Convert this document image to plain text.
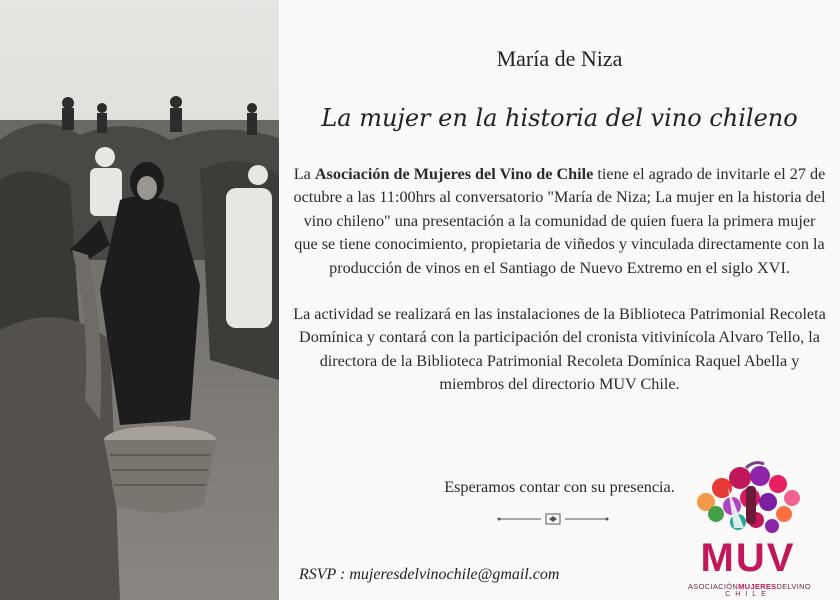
María de Niza
La mujer en la historia del vino chileno

La Asociación de Mujeres del Vino de Chile tiene el agrado de invitarle el 27 de octubre a las 11:00hrs al conversatorio "María de Niza; La mujer en la historia del vino chileno" una presentación a la comunidad de quien fuera la primera mujer que se tiene conocimiento, propietaria de viñedos y vinculada directamente con la producción de vinos en el Santiago de Nuevo Extremo en el siglo XVI.

La actividad se realizará en las instalaciones de la Biblioteca Patrimonial Recoleta Domínica y contará con la participación del cronista vitivinícola Alvaro Tello, la directora de la Biblioteca Patrimonial Recoleta Domínica Raquel Abella y miembros del directorio MUV Chile.

Esperamos contar con su presencia.
RSVP : mujeresdelvinochile@gmail.com	MUV
ASOCIACIÓNMUJERESDELVINO
CHILE
